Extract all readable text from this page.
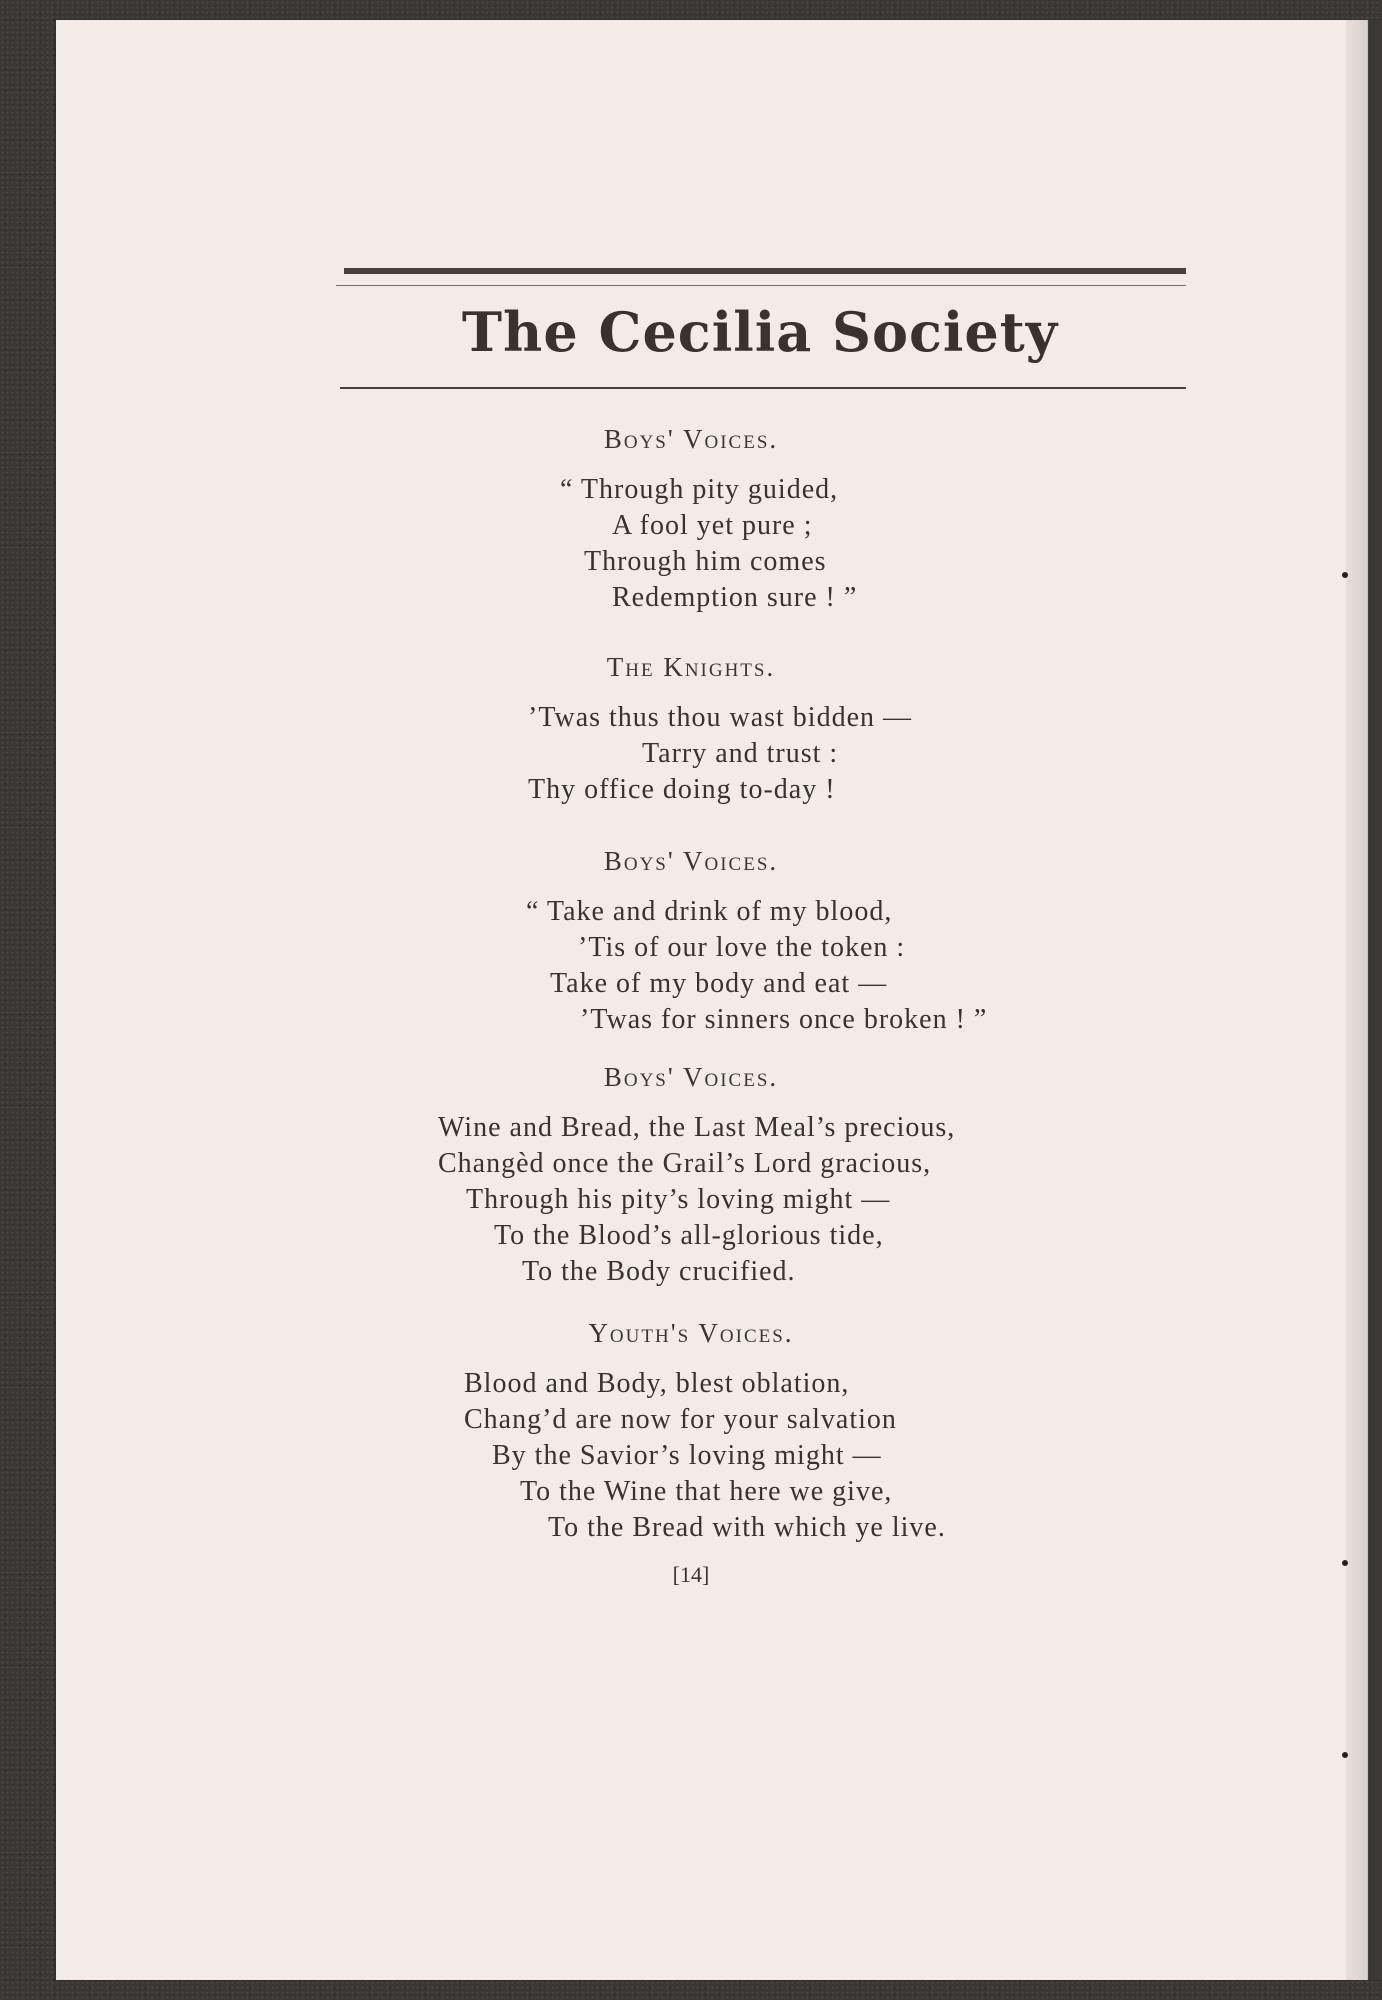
The Cecilia Society
Boys' Voices.
“ Through pity guided,
A fool yet pure ;
Through him comes
Redemption sure ! ”
The Knights.
’Twas thus thou wast bidden —
Tarry and trust :
Thy office doing to-day !
Boys' Voices.
“ Take and drink of my blood,
’Tis of our love the token :
Take of my body and eat —
’Twas for sinners once broken ! ”
Boys' Voices.
Wine and Bread, the Last Meal’s precious,
Changèd once the Grail’s Lord gracious,
Through his pity’s loving might —
To the Blood’s all-glorious tide,
To the Body crucified.
Youth's Voices.
Blood and Body, blest oblation,
Chang’d are now for your salvation
By the Savior’s loving might —
To the Wine that here we give,
To the Bread with which ye live.
[14]
